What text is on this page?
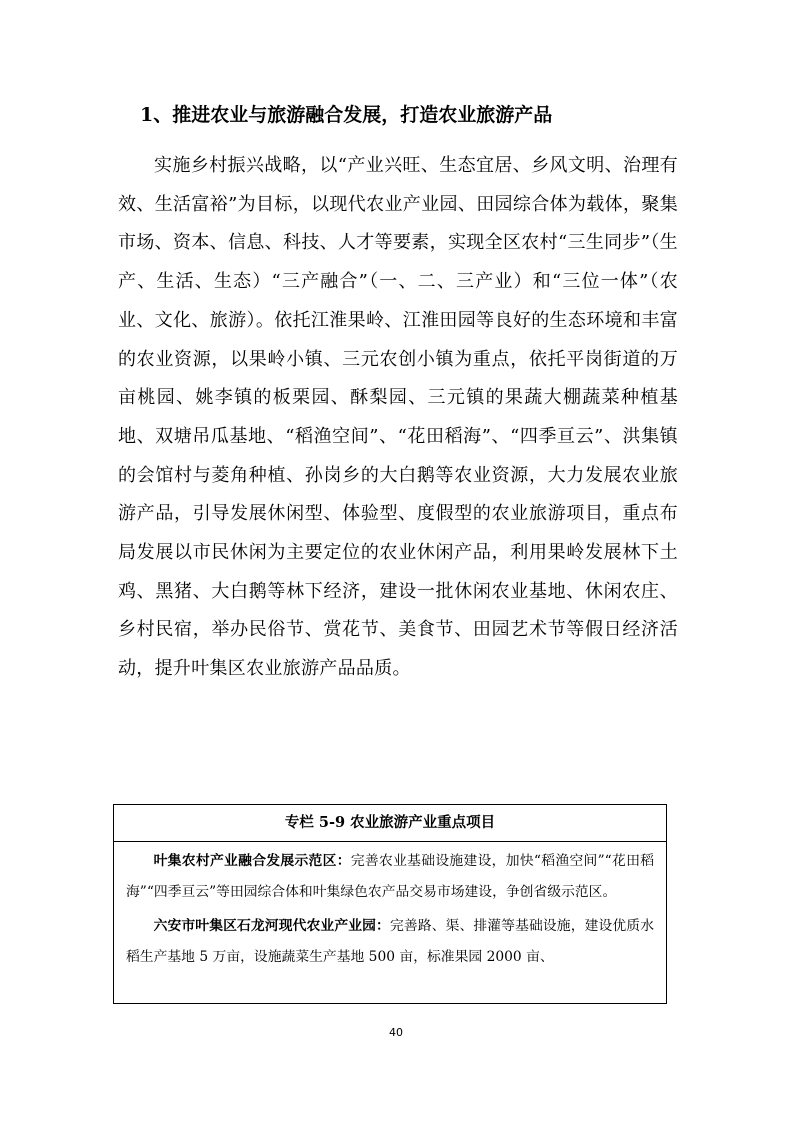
1、推进农业与旅游融合发展，打造农业旅游产品

实施乡村振兴战略，以“产业兴旺、生态宜居、乡风文明、治理有效、生活富裕”为目标，以现代农业产业园、田园综合体为载体，聚集市场、资本、信息、科技、人才等要素，实现全区农村“三生同步”（生产、生活、生态）“三产融合”（一、二、三产业）和“三位一体”（农业、文化、旅游）。依托江淮果岭、江淮田园等良好的生态环境和丰富的农业资源，以果岭小镇、三元农创小镇为重点，依托平岗街道的万亩桃园、姚李镇的板栗园、酥梨园、三元镇的果蔬大棚蔬菜种植基地、双塘吊瓜基地、“稻渔空间”、“花田稻海”、“四季亘云”、洪集镇的会馆村与菱角种植、孙岗乡的大白鹅等农业资源，大力发展农业旅游产品，引导发展休闲型、体验型、度假型的农业旅游项目，重点布局发展以市民休闲为主要定位的农业休闲产品，利用果岭发展林下土鸡、黑猪、大白鹅等林下经济，建设一批休闲农业基地、休闲农庄、乡村民宿，举办民俗节、赏花节、美食节、田园艺术节等假日经济活动，提升叶集区农业旅游产品品质。

专栏 5-9 农业旅游产业重点项目

叶集农村产业融合发展示范区：完善农业基础设施建设，加快“稻渔空间”“花田稻海”“四季亘云”等田园综合体和叶集绿色农产品交易市场建设，争创省级示范区。

六安市叶集区石龙河现代农业产业园：完善路、渠、排灌等基础设施，建设优质水稻生产基地 5 万亩，设施蔬菜生产基地 500 亩，标准果园 2000 亩、

40
